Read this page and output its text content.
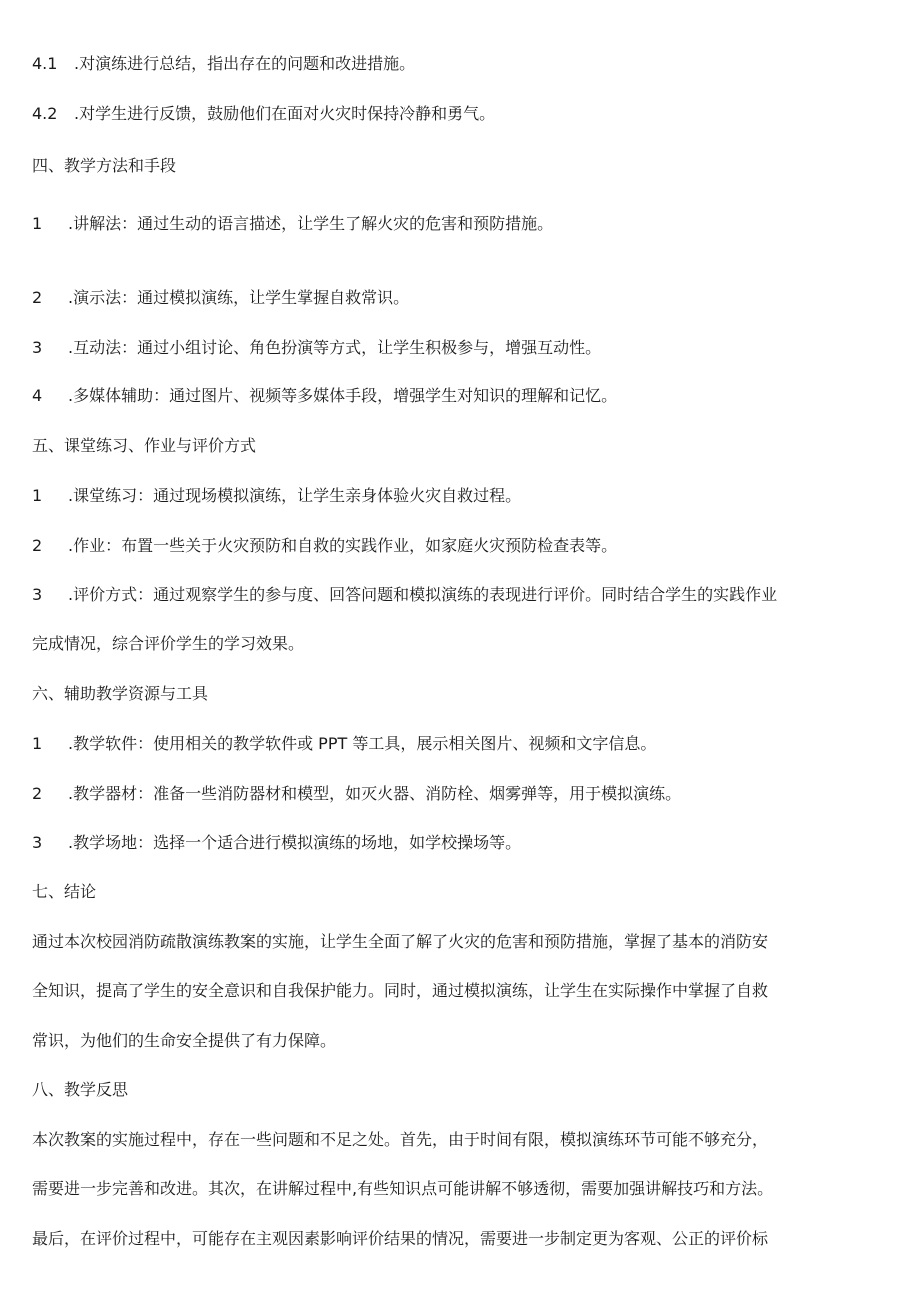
4.1 .对演练进行总结，指出存在的问题和改进措施。
4.2 .对学生进行反馈，鼓励他们在面对火灾时保持冷静和勇气。
四、教学方法和手段
1 .讲解法：通过生动的语言描述，让学生了解火灾的危害和预防措施。
2 .演示法：通过模拟演练，让学生掌握自救常识。
3 .互动法：通过小组讨论、角色扮演等方式，让学生积极参与，增强互动性。
4 .多媒体辅助：通过图片、视频等多媒体手段，增强学生对知识的理解和记忆。
五、课堂练习、作业与评价方式
1 .课堂练习：通过现场模拟演练，让学生亲身体验火灾自救过程。
2 .作业：布置一些关于火灾预防和自救的实践作业，如家庭火灾预防检查表等。
3 .评价方式：通过观察学生的参与度、回答问题和模拟演练的表现进行评价。同时结合学生的实践作业
完成情况，综合评价学生的学习效果。
六、辅助教学资源与工具
1 .教学软件：使用相关的教学软件或 PPT 等工具，展示相关图片、视频和文字信息。
2 .教学器材：准备一些消防器材和模型，如灭火器、消防栓、烟雾弹等，用于模拟演练。
3 .教学场地：选择一个适合进行模拟演练的场地，如学校操场等。
七、结论
通过本次校园消防疏散演练教案的实施，让学生全面了解了火灾的危害和预防措施，掌握了基本的消防安
全知识，提高了学生的安全意识和自我保护能力。同时，通过模拟演练，让学生在实际操作中掌握了自救
常识，为他们的生命安全提供了有力保障。
八、教学反思
本次教案的实施过程中，存在一些问题和不足之处。首先，由于时间有限，模拟演练环节可能不够充分，
需要进一步完善和改进。其次，在讲解过程中,有些知识点可能讲解不够透彻，需要加强讲解技巧和方法。
最后，在评价过程中，可能存在主观因素影响评价结果的情况，需要进一步制定更为客观、公正的评价标
